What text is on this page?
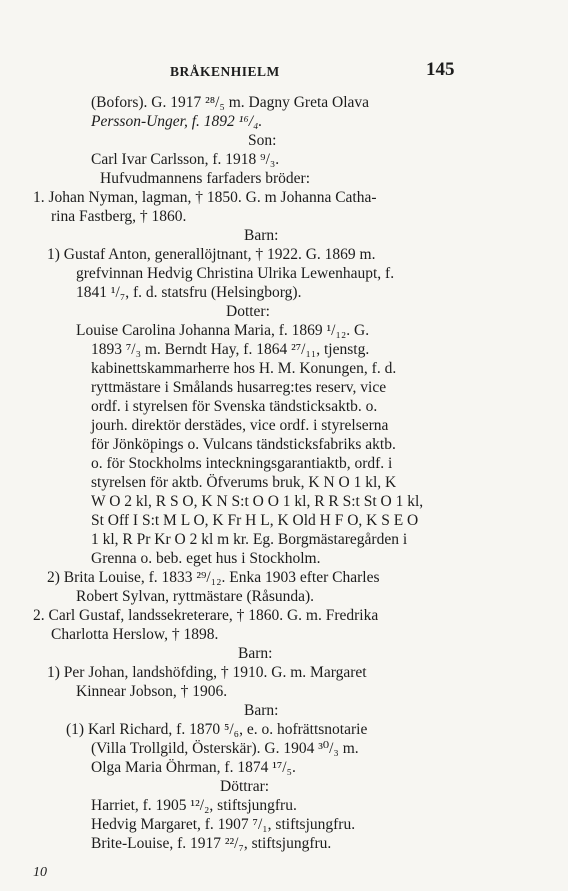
BRÅKENHIELM	145
(Bofors). G. 1917 ²⁸/₅ m. Dagny Greta Olava
Persson-Unger, f. 1892 ¹⁶/₄.
Son:
Carl Ivar Carlsson, f. 1918 ⁹/₃.
Hufvudmannens farfaders bröder:
1. Johan Nyman, lagman, † 1850. G. m Johanna Catha-
rina Fastberg, † 1860.
Barn:
1) Gustaf Anton, generallöjtnant, † 1922. G. 1869 m.
grefvinnan Hedvig Christina Ulrika Lewenhaupt, f.
1841 ¹/₇, f. d. statsfru (Helsingborg).
Dotter:
Louise Carolina Johanna Maria, f. 1869 ¹/₁₂. G.
1893 ⁷/₃ m. Berndt Hay, f. 1864 ²⁷/₁₁, tjenstg.
kabinettskammarherre hos H. M. Konungen, f. d.
ryttmästare i Smålands husarreg:tes reserv, vice
ordf. i styrelsen för Svenska tändsticksaktb. o.
jourh. direktör derstädes, vice ordf. i styrelserna
för Jönköpings o. Vulcans tändsticksfabriks aktb.
o. för Stockholms inteckningsgarantiaktb, ordf. i
styrelsen för aktb. Öfverums bruk, K N O 1 kl, K
W O 2 kl, R S O, K N S:t O O 1 kl, R R S:t St O 1 kl,
St Off I S:t M L O, K Fr H L, K Old H F O, K S E O
1 kl, R Pr Kr O 2 kl m kr. Eg. Borgmästaregården i
Grenna o. beb. eget hus i Stockholm.
2) Brita Louise, f. 1833 ²⁹/₁₂. Enka 1903 efter Charles
Robert Sylvan, ryttmästare (Råsunda).
2. Carl Gustaf, landssekreterare, † 1860. G. m. Fredrika
Charlotta Herslow, † 1898.
Barn:
1) Per Johan, landshöfding, † 1910. G. m. Margaret
Kinnear Jobson, † 1906.
Barn:
(1) Karl Richard, f. 1870 ⁵/₆, e. o. hofrättsnotarie
(Villa Trollgild, Österskär). G. 1904 ³⁰/₃ m.
Olga Maria Öhrman, f. 1874 ¹⁷/₅.
Döttrar:
Harriet, f. 1905 ¹²/₂, stiftsjungfru.
Hedvig Margaret, f. 1907 ⁷/₁, stiftsjungfru.
Brite-Louise, f. 1917 ²²/₇, stiftsjungfru.
10
